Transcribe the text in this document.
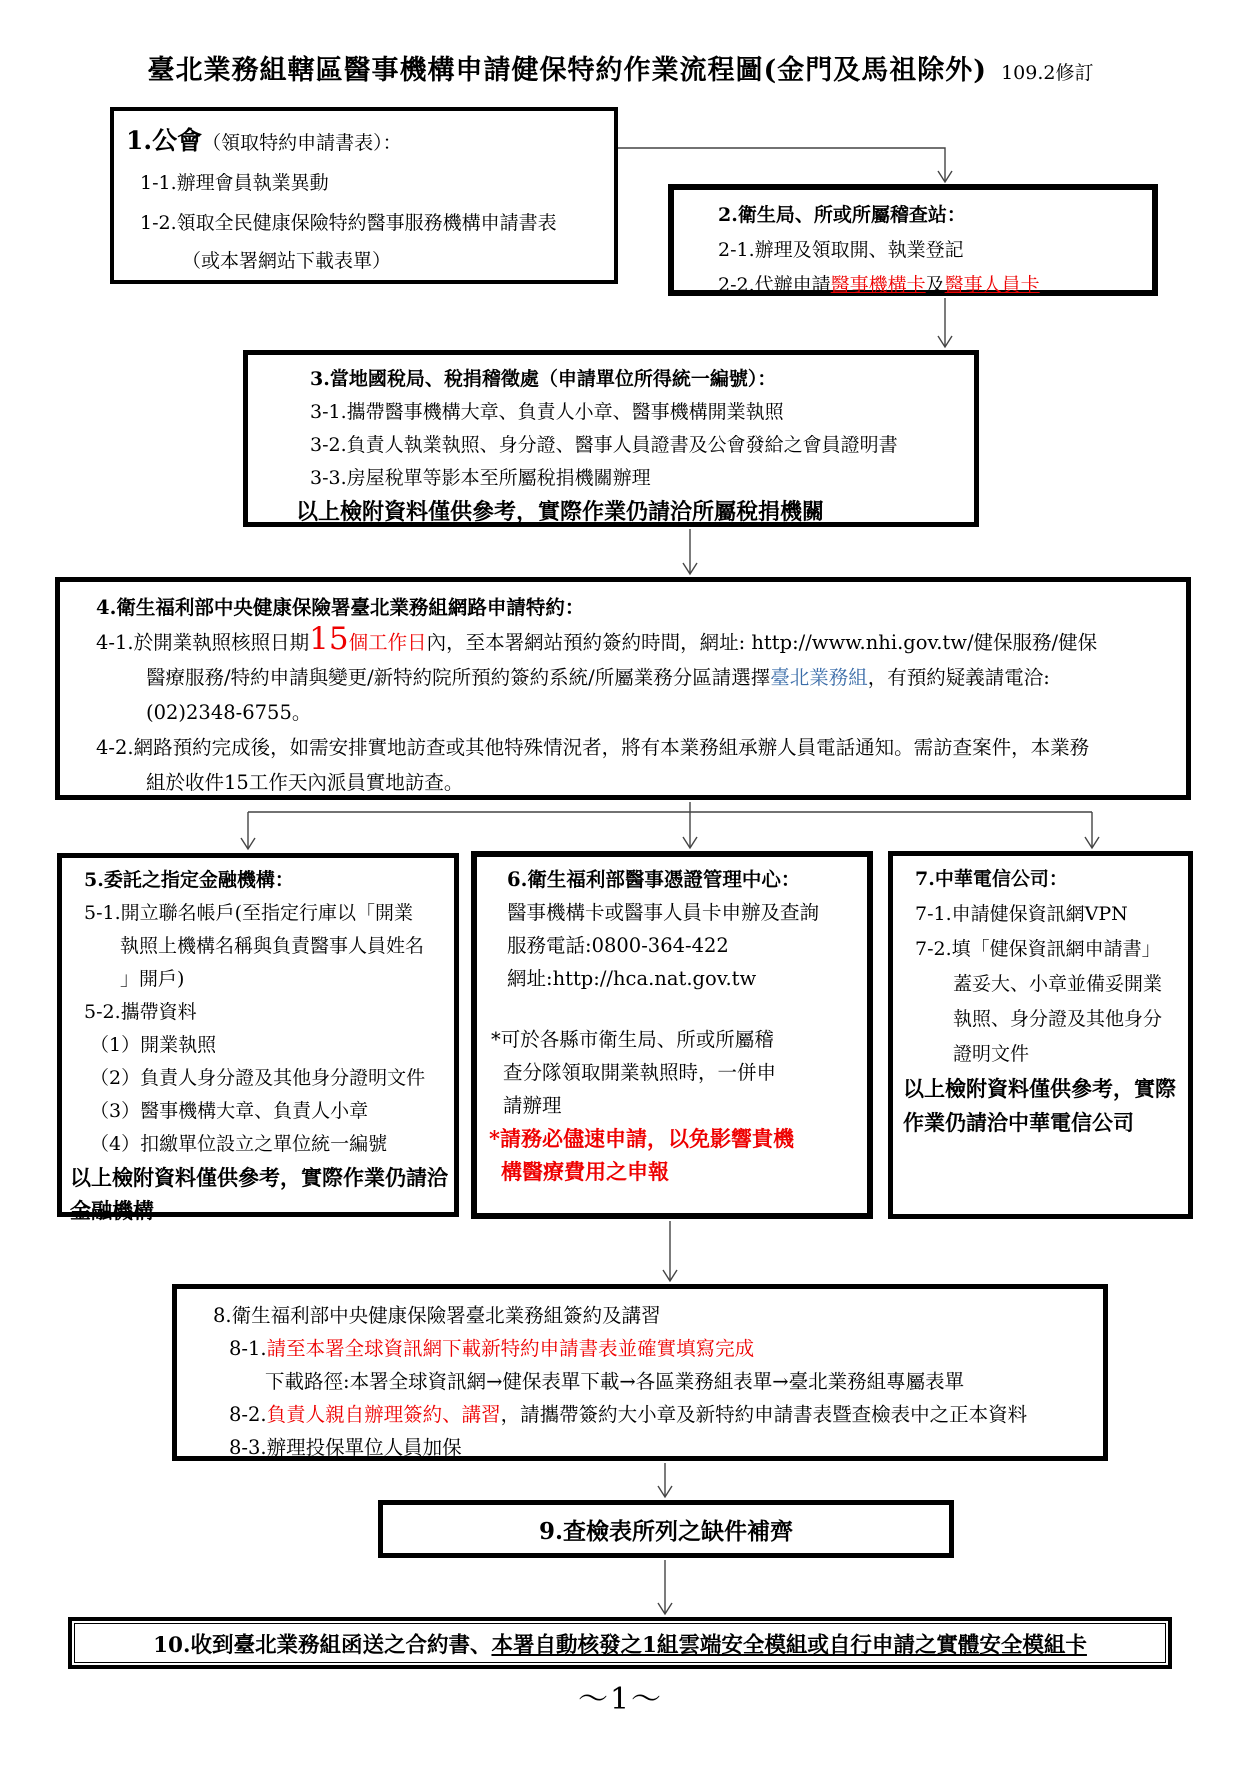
臺北業務組轄區醫事機構申請健保特約作業流程圖(金門及馬祖除外) 109.2修訂
1.公會（領取特約申請書表）：
1-1.辦理會員執業異動
1-2.領取全民健康保險特約醫事服務機構申請書表
（或本署網站下載表單）
2.衛生局、所或所屬稽查站：
2-1.辦理及領取開、執業登記
2-2.代辦申請醫事機構卡及醫事人員卡
3.當地國稅局、稅捐稽徵處（申請單位所得統一編號）：
3-1.攜帶醫事機構大章、負責人小章、醫事機構開業執照
3-2.負責人執業執照、身分證、醫事人員證書及公會發給之會員證明書
3-3.房屋稅單等影本至所屬稅捐機關辦理
以上檢附資料僅供參考，實際作業仍請洽所屬稅捐機關
4.衛生福利部中央健康保險署臺北業務組網路申請特約：
4-1.於開業執照核照日期15個工作日內，至本署網站預約簽約時間，網址: http://www.nhi.gov.tw/健保服務/健保
醫療服務/特約申請與變更/新特約院所預約簽約系統/所屬業務分區請選擇臺北業務組，有預約疑義請電洽:
(02)2348-6755。
4-2.網路預約完成後，如需安排實地訪查或其他特殊情況者，將有本業務組承辦人員電話通知。需訪查案件，本業務
組於收件15工作天內派員實地訪查。
5.委託之指定金融機構：
5-1.開立聯名帳戶(至指定行庫以「開業
執照上機構名稱與負責醫事人員姓名
」開戶)
5-2.攜帶資料
（1）開業執照
（2）負責人身分證及其他身分證明文件
（3）醫事機構大章、負責人小章
（4）扣繳單位設立之單位統一編號
以上檢附資料僅供參考，實際作業仍請洽金融機構
6.衛生福利部醫事憑證管理中心：
醫事機構卡或醫事人員卡申辦及查詢
服務電話:0800-364-422
網址:http://hca.nat.gov.tw
*可於各縣市衛生局、所或所屬稽
查分隊領取開業執照時，一併申
請辦理
*請務必儘速申請，以免影響貴機
構醫療費用之申報
7.中華電信公司：
7-1.申請健保資訊網VPN
7-2.填「健保資訊網申請書」
蓋妥大、小章並備妥開業
執照、身分證及其他身分
證明文件
以上檢附資料僅供參考，實際作業仍請洽中華電信公司
8.衛生福利部中央健康保險署臺北業務組簽約及講習
8-1.請至本署全球資訊網下載新特約申請書表並確實填寫完成
下載路徑:本署全球資訊網→健保表單下載→各區業務組表單→臺北業務組專屬表單
8-2.負責人親自辦理簽約、講習，請攜帶簽約大小章及新特約申請書表暨查檢表中之正本資料
8-3.辦理投保單位人員加保
9.查檢表所列之缺件補齊
10.收到臺北業務組函送之合約書、本署自動核發之1組雲端安全模組或自行申請之實體安全模組卡
～1～
